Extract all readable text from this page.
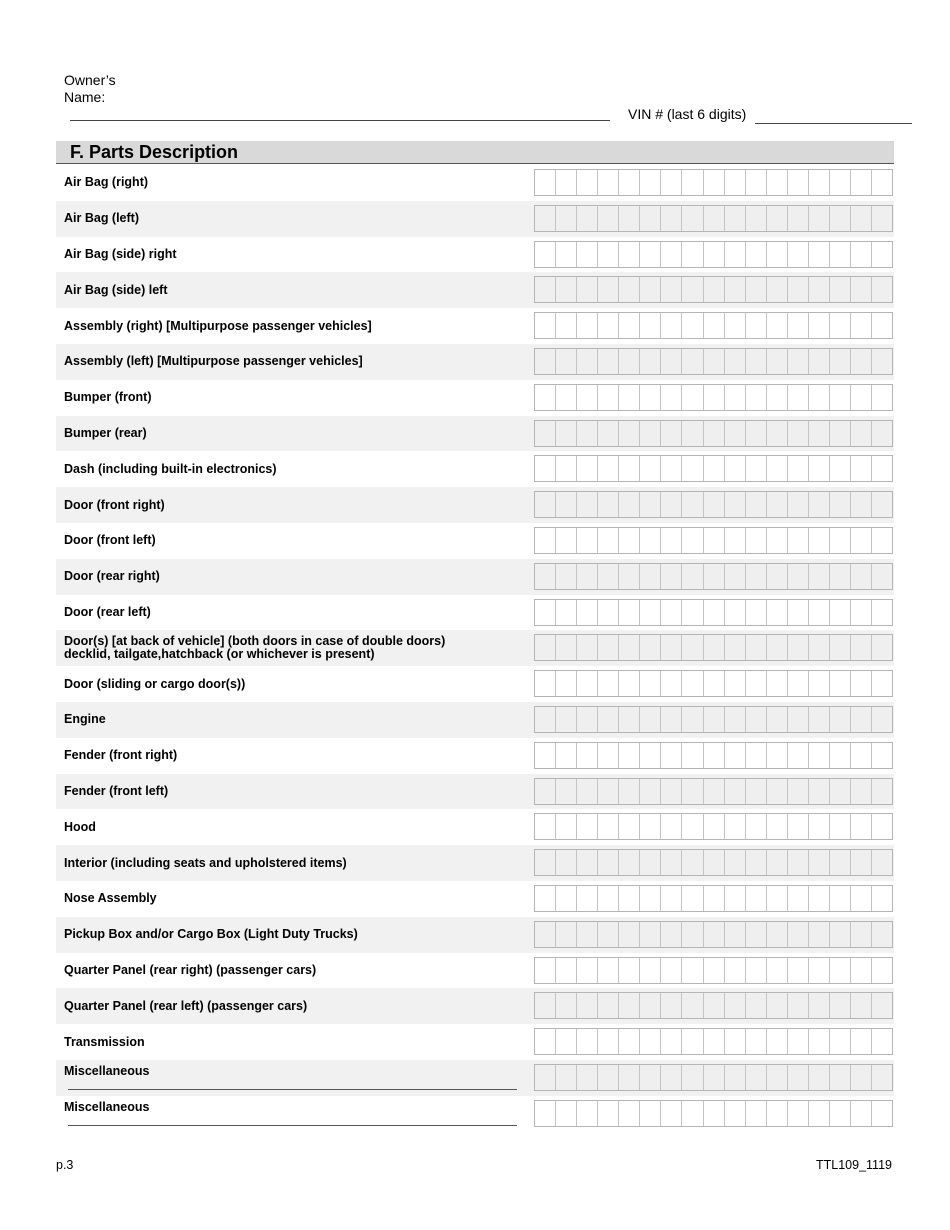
Owner’s
Name:
VIN # (last 6 digits)
F. Parts Description
Air Bag (right)
Air Bag (left)
Air Bag (side) right
Air Bag (side) left
Assembly (right) [Multipurpose passenger vehicles]
Assembly (left) [Multipurpose passenger vehicles]
Bumper (front)
Bumper (rear)
Dash (including built-in electronics)
Door (front right)
Door (front left)
Door (rear right)
Door (rear left)
Door(s) [at back of vehicle] (both doors in case of double doors)
decklid, tailgate,hatchback (or whichever is present)
Door (sliding or cargo door(s))
Engine
Fender (front right)
Fender (front left)
Hood
Interior (including seats and upholstered items)
Nose Assembly
Pickup Box and/or Cargo Box (Light Duty Trucks)
Quarter Panel (rear right) (passenger cars)
Quarter Panel (rear left) (passenger cars)
Transmission
Miscellaneous
Miscellaneous
p.3	TTL109_1119
